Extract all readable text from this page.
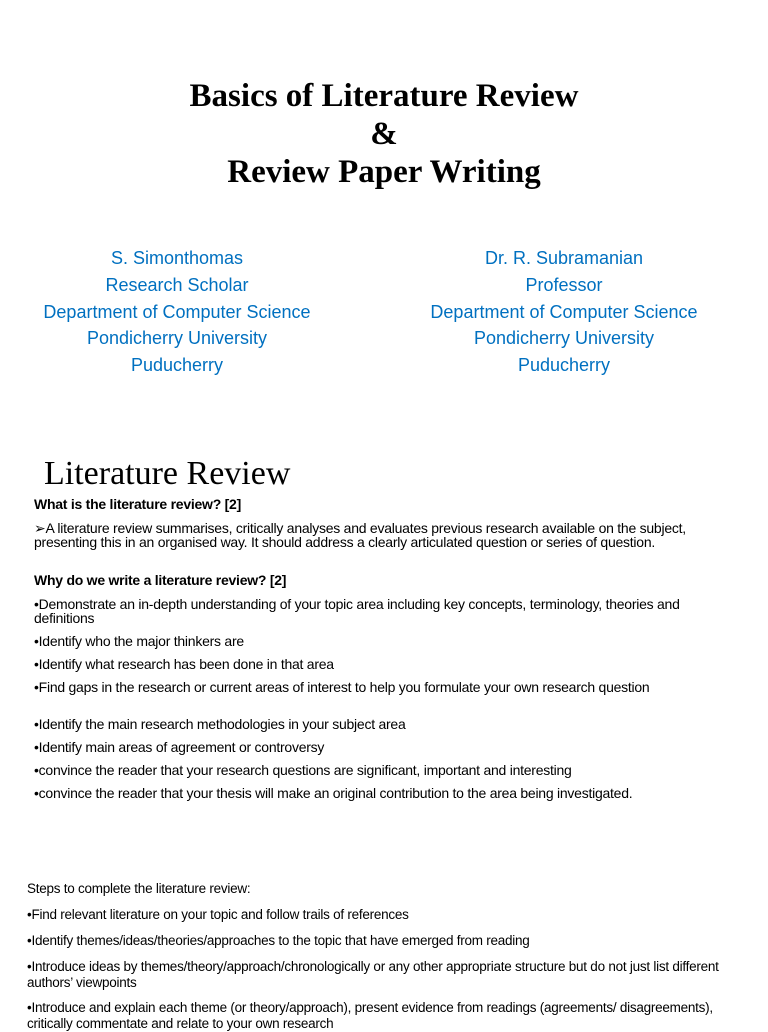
Basics of Literature Review
&
Review Paper Writing
S. Simonthomas
Research Scholar
Department of Computer Science
Pondicherry University
Puducherry
Dr. R. Subramanian
Professor
Department of Computer Science
Pondicherry University
Puducherry
Literature Review
What is the literature review? [2]
➢A literature review summarises, critically analyses and evaluates previous research available on the subject, presenting this in an organised way. It should address a clearly articulated question or series of question.
Why do we write a literature review? [2]
•Demonstrate an in-depth understanding of your topic area including key concepts, terminology, theories and definitions
•Identify who the major thinkers are
•Identify what research has been done in that area
•Find gaps in the research or current areas of interest to help you formulate your own research question
•Identify the main research methodologies in your subject area
•Identify main areas of agreement or controversy
•convince the reader that your research questions are significant, important and interesting
•convince the reader that your thesis will make an original contribution to the area being investigated.
Steps to complete the literature review:
•Find relevant literature on your topic and follow trails of references
•Identify themes/ideas/theories/approaches to the topic that have emerged from reading
•Introduce ideas by themes/theory/approach/chronologically or any other appropriate structure but do not just list different authors’ viewpoints
•Introduce and explain each theme (or theory/approach), present evidence from readings (agreements/ disagreements), critically commentate and relate to your own research
